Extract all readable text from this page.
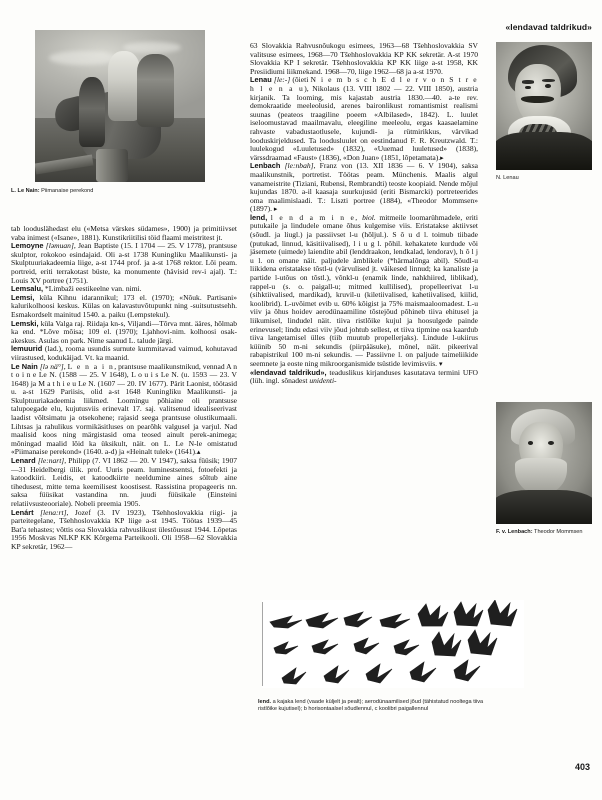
«lendavad taldrikud»

tab looduslähedast elu («Metsa värskes südames», 1900) ja primitiivset vaba inimest («Isane», 1881). Kunstikriitilisi töid flaami meistritest jt.

Lemoyne [ləmuan], Jean Baptiste (15. I 1704 — 25. V 1778), prantsuse skulptor, rokokoo esindajaid. Oli a-st 1738 Kuningliku Maalikunsti- ja Skulptuuriakadeemia liige, a-st 1744 prof. ja a-st 1768 rektor. Lõi peam. portreid, eriti terrakotast büste, ka monumente (hävisid rev-i ajal). T.: Louis XV portree (1751).

Lemsalu, *Limbaži eestikeelne van. nimi.

Lemsi, küla Kihnu idarannikul; 173 el. (1970); «Nõuk. Partisani» kalurikolhoosi keskus. Külas on kalavastuvõtupunkt ning -suitsutustsehh. Esmakordselt mainitud 1540. a. paiku (Lempstekul).

Lemski, küla Valga raj. Riidaja kn-s, Viljandi—Tõrva mnt. ääres, hõlmab ka end. *Lõve mõisa; 109 el. (1970); Ljahhovi-nim. kolhoosi osak-akeskus. Asulas on park. Nime saanud L. talude järgi.

lemuurid (lad.), rooma usundis surnute kummitavad vaimud, kohutavad viirastused, kodukäijad. Vt. ka maanid.

Le Nain [lə nä°], L e n a i n, prantsuse maalikunstnikud, vennad A n t o i n e Le N. (1588 — 25. V 1648), L o u i s Le N. (u. 1593 — 23. V 1648) ja M a t h i e u Le N. (1607 — 20. IV 1677). Pärit Laonist, töötasid u. a-st 1629 Pariisis, olid a-st 1648 Kuningliku Maalikunsti- ja Skulptuuriakadeemia liikmed. Loomingu põhiaine oli prantsuse talupoegade elu, kujutusviis erinevalt 17. saj. valitsenud idealiseerivast laadist võltsimatu ja otsekohene; rajasid seega prantsuse olustikumaali. Lihtsas ja rahulikus vormikäsitluses on pearõhk valgusel ja varjul. Nad maalisid koos ning märgistasid oma teosed ainult perek-animega; mõningad maalid lõid ka üksikult, näit. on L. Le N-le omistatud «Piimanaise perekond» (1640. a-d) ja «Heinalt tulek» (1641). ▴

Lenard [le:nart], Philipp (7. VI 1862 — 20. V 1947), saksa füüsik; 1907—31 Heidelbergi ülik. prof. Uuris peam. luminestsentsi, fotoefekti ja katoodkiiri. Leidis, et katoodkiirte neeldumine aines sõltub aine tihedusest, mitte tema keemilisest koostisest. Rassistina propageeris nn. saksa füüsikat vastandina nn. juudi füüsikale (Einsteini relatiivsusteooriale). Nobeli preemia 1905.

Lenárt [lena:rt], Jozef (3. IV 1923), Tšehhoslovakkia riigi- ja parteitegelane, Tšehhoslovakkia KP liige a-st 1945. Töötas 1939—45 Bat'a tehastes; võttis osa Slovakkia rahvuslikust ülestõusust 1944. Lõpetas 1956 Moskvas NLKP KK Kõrgema Parteikooli. Oli 1958—62 Slovakkia KP sekretär, 1962—

63 Slovakkia Rahvusnõukogu esimees, 1963—68 Tšehhoslovakkia SV valitsuse esimees, 1968—70 Tšehhoslovakkia KP KK sekretär. A-st 1970 Slovakkia KP I sekretär. Tšehhoslovakkia KP KK liige a-st 1958, KK Presiidiumi liikmekand. 1968—70, liige 1962—68 ja a-st 1970.

Lenau [le:-] (õieti N i e m b s c h E d l e r v o n S t r e h l e n a u), Nikolaus (13. VIII 1802 — 22. VIII 1850), austria kirjanik. Ta looming, mis kajastab austria 1830.—40. a-te rev. demokraatide meeleolusid, arenes baironlikust romantismist realismi suunas (peateos traagiline poeem «Albilased», 1842). L. luulet iseloomustavad maailmavalu, eleegiline meeleolu, ergas kaasaelamine rahvaste vabadustaotlusele, kujundi- ja rütmirikkus, värvikad looduskirjeldused. Ta loodusluulet on eestindanud F. R. Kreutzwald. T.: luulekogud «Luuletused» (1832), «Uuemad luuletused» (1838), värssdraamad «Faust» (1836), «Don Juan» (1851, lõpetamata). ▸

Lenbach [le:nbah], Franz von (13. XII 1836 — 6. V 1904), saksa maalikunstnik, portretist. Töötas peam. Münchenis. Maalis algul vanameistrite (Tiziani, Rubensi, Rembrandti) teoste koopiaid. Nende mõjul kujundas 1870. a-il kaasaja suurkujusid (eriti Bismarcki) portreteerides oma maalimislaadi. T.: Liszti portree (1884), «Theodor Mommsen» (1897). ▸

lend, l e n d a m i n e, biol. mitmeile loomarühmadele, eriti putukaile ja lindudele omane õhus kulgemise viis. Eristatakse aktiivset (sõudl. ja liugl.) ja passiivset l-u (hõljul.). S õ u d l. toimub tiibade (putukad, linnud, käsitiivalised), l i u g l. põhil. kehakatete kurdude või jäsemete (uimede) laiendite abil (lenddraakon, lendkalad, lendorav), h õ l j u l. on omane näit. paljudele ämblikele (*härmalõnga abil). Sõudl-u liikidena eristatakse tõstl-u (värvulised jt. väikesed linnud; ka kanaliste ja partide l-utõus on tõstl.), võnkl-u (enamik linde, nahkhiired, liblikad), rappel-u (s. o. paigall-u; mitmed kullilised), propelleerivat l-u (sihktiivalised, mardikad), kruvil-u (kiletiivalised, kahetiivalised, kiilid, koolibrid). L-uvõimet evib u. 60% kõigist ja 75% maismaaloomadest. L-u viiv ja õhus hoidev aerodünaamiline tõstejõud põhineb tiiva ehitusel ja liikumisel, lindudel näit. tiiva ristlõike kujul ja hoosulgede painde erinevusel; lindu edasi viiv jõud johtub sellest, et tiiva tipmine osa kaardub tiiva langetamisel ülles (tiib muutub propellerjaks). Lindude l-ukiirus küünib 50 m-ni sekundis (piirpääsuke), mõnel, näit. pikeerival rabapistrikul 100 m-ni sekundis. — Passiivne l. on paljude taimeliikide seemnete ja eoste ning mikroorganismide tsüstide levimisviis. ▾

«lendavad taldrikud», teaduslikus kirjanduses kasutatava termini UFO (lüh. ingl. sõnadest unidenti-

L. Le Nain: Piimanaise perekond
N. Lenau
F. v. Lenbach: Theodor Mommsen
lend. a kajaka lend (vaade küljelt ja pealt); aerodünaamilised jõud (tähistatud nooltega tiiva ristlõike kujutisel); b horisontaalsel sõudlennul, c koolibri paigallennul
403
